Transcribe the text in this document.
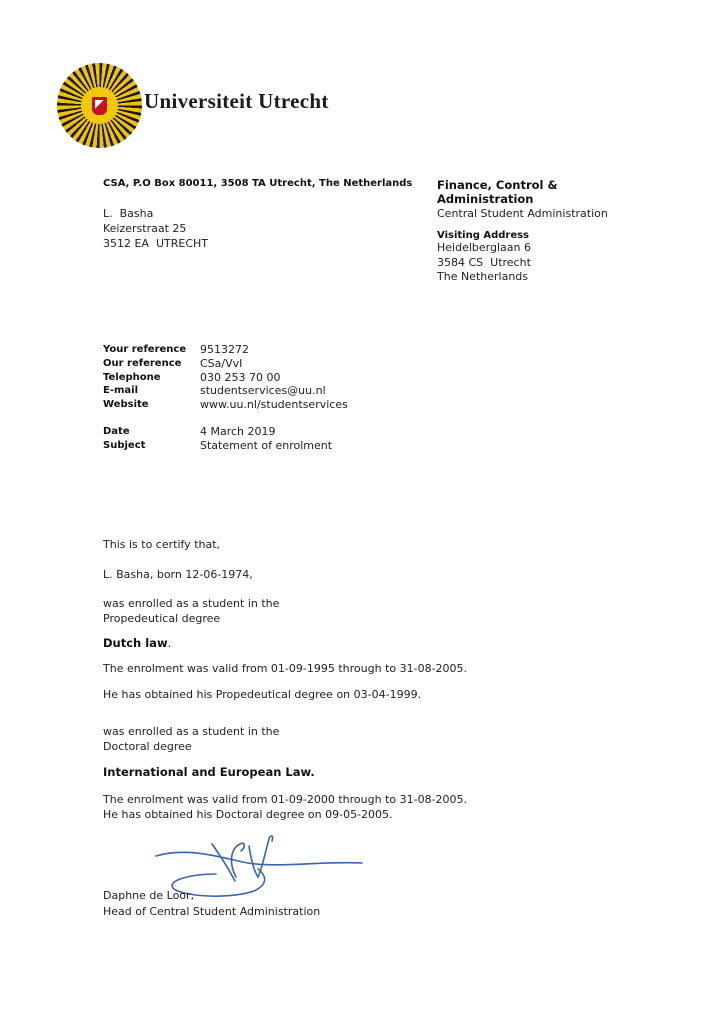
Universiteit Utrecht
CSA, P.O Box 80011, 3508 TA Utrecht, The Netherlands
L.  Basha
Keizerstraat 25
3512 EA  UTRECHT
Finance, Control &
Administration
Central Student Administration
Visiting Address
Heidelberglaan 6
3584 CS  Utrecht
The Netherlands
Your reference	9513272
Our reference	CSa/VvI
Telephone	030 253 70 00
E-mail	studentservices@uu.nl
Website	www.uu.nl/studentservices
Date	4 March 2019
Subject	Statement of enrolment
This is to certify that,
L. Basha, born 12-06-1974,
was enrolled as a student in the
Propedeutical degree
Dutch law.
The enrolment was valid from 01-09-1995 through to 31-08-2005.
He has obtained his Propedeutical degree on 03-04-1999.
was enrolled as a student in the
Doctoral degree
International and European Law.
The enrolment was valid from 01-09-2000 through to 31-08-2005.
He has obtained his Doctoral degree on 09-05-2005.
Daphne de Loor,
Head of Central Student Administration
